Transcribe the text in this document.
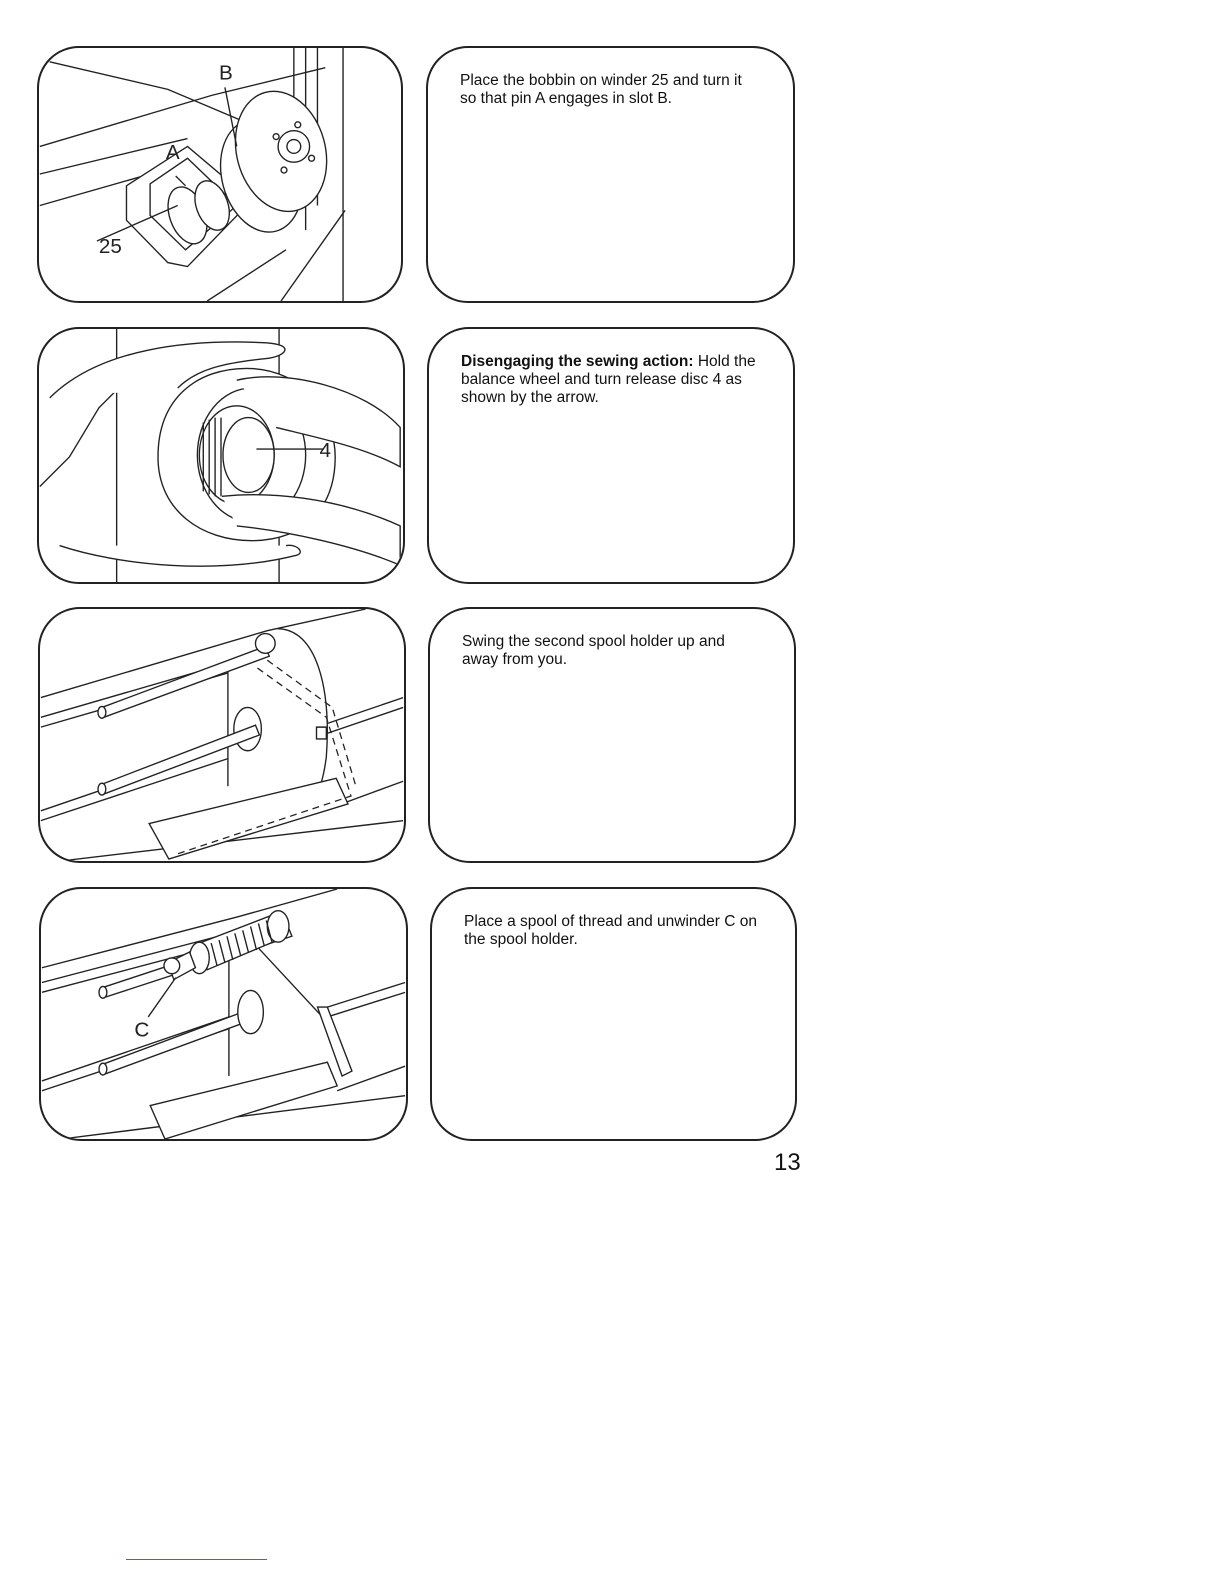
B
A
25
Place the bobbin on winder 25 and turn it so that pin A engages in slot B.
4
Disengaging the sewing action: Hold the balance wheel and turn release disc 4 as shown by the arrow.
Swing the second spool holder up and away from you.
C
Place a spool of thread and unwinder C on the spool holder.
13
